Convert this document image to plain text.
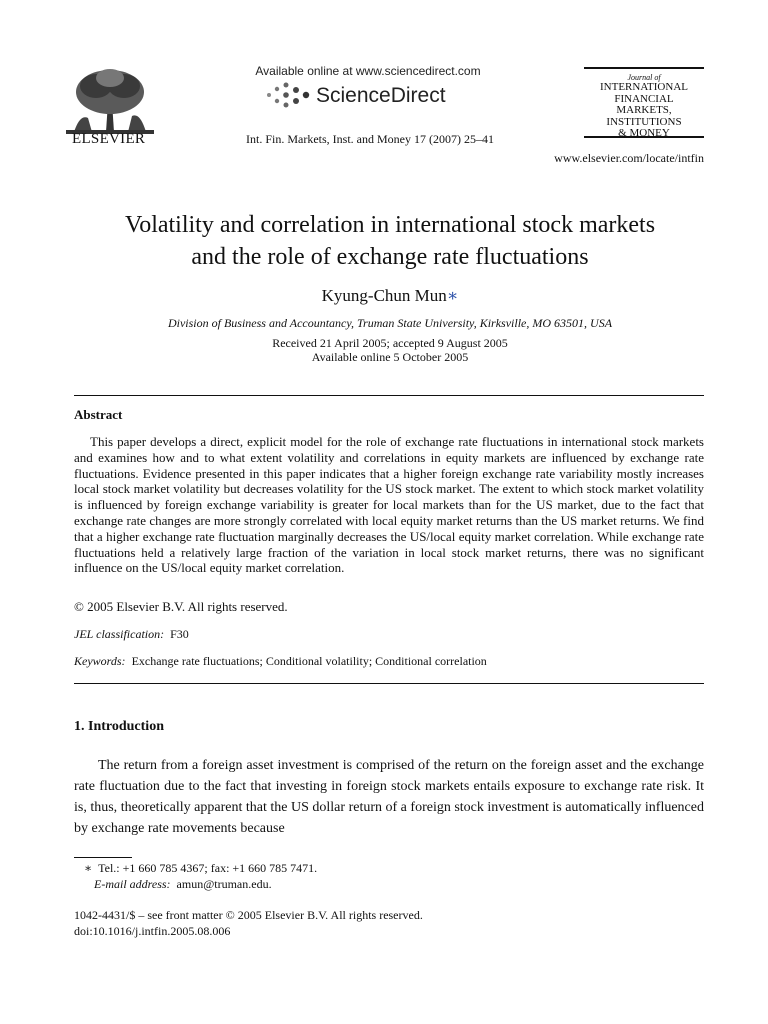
ELSEVIER
Available online at www.sciencedirect.com
ScienceDirect
Int. Fin. Markets, Inst. and Money 17 (2007) 25–41
Journal of
INTERNATIONAL
FINANCIAL
MARKETS,
INSTITUTIONS
& MONEY
www.elsevier.com/locate/intfin
Volatility and correlation in international stock markets
and the role of exchange rate fluctuations
Kyung-Chun Mun∗
Division of Business and Accountancy, Truman State University, Kirksville, MO 63501, USA
Received 21 April 2005; accepted 9 August 2005
Available online 5 October 2005
Abstract
This paper develops a direct, explicit model for the role of exchange rate fluctuations in international stock markets and examines how and to what extent volatility and correlations in equity markets are influenced by exchange rate fluctuations. Evidence presented in this paper indicates that a higher foreign exchange rate variability mostly increases local stock market volatility but decreases volatility for the US stock market. The extent to which stock market volatility is influenced by foreign exchange variability is greater for local markets than for the US market, due to the fact that exchange rate changes are more strongly correlated with local equity market returns than the US market returns. We find that a higher exchange rate fluctuation marginally decreases the US/local equity market correlation. While exchange rate fluctuations held a relatively large fraction of the variation in local stock market returns, there was no significant influence on the US/local equity market correlation.
© 2005 Elsevier B.V. All rights reserved.
JEL classification: F30
Keywords: Exchange rate fluctuations; Conditional volatility; Conditional correlation
1. Introduction
The return from a foreign asset investment is comprised of the return on the foreign asset and the exchange rate fluctuation due to the fact that investing in foreign stock markets entails exposure to exchange rate risk. It is, thus, theoretically apparent that the US dollar return of a foreign stock investment is automatically influenced by exchange rate movements because
∗ Tel.: +1 660 785 4367; fax: +1 660 785 7471.
E-mail address: amun@truman.edu.
1042-4431/$ – see front matter © 2005 Elsevier B.V. All rights reserved.
doi:10.1016/j.intfin.2005.08.006
